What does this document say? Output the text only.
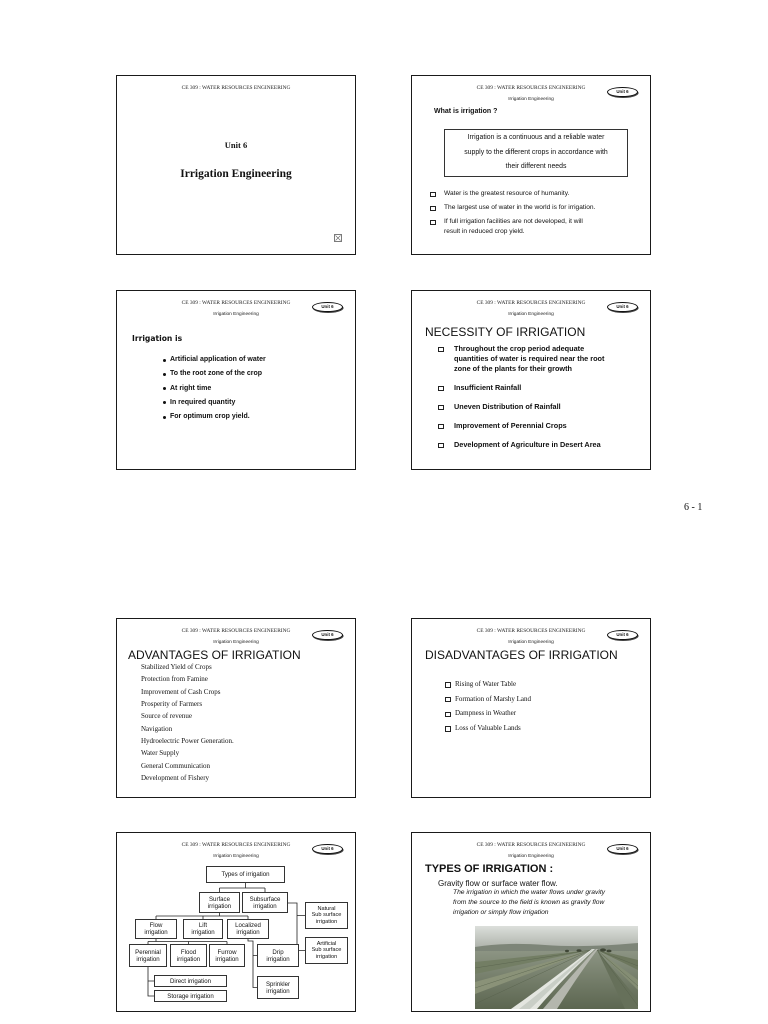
CE 309 : WATER RESOURCES ENGINEERING
Unit 6
Irrigation Engineering
CE 309 : WATER RESOURCES ENGINEERING
Irrigation Engineering
Unit 6
What is irrigation ?
Irrigation is a continuous and a reliable water
supply to the different crops in accordance with
their different needs
Water is the greatest resource of humanity.
The largest use of water in the world is for irrigation.
If full irrigation facilities are not developed, it will
result in reduced crop yield.
CE 309 : WATER RESOURCES ENGINEERING
Irrigation Engineering
Unit 6
Irrigation is
Artificial application of water
To the root zone of the crop
At right time
In required quantity
For optimum crop yield.
CE 309 : WATER RESOURCES ENGINEERING
Irrigation Engineering
Unit 6
NECESSITY OF IRRIGATION
Throughout the crop period adequate
quantities of water is required near the root
zone of the plants for their growth
Insufficient Rainfall
Uneven Distribution of Rainfall
Improvement of Perennial Crops
Development of Agriculture in Desert Area
6 - 1
CE 309 : WATER RESOURCES ENGINEERING
Irrigation Engineering
Unit 6
ADVANTAGES OF IRRIGATION
Stabilized Yield of Crops
Protection from Famine
Improvement of Cash Crops
Prosperity of Farmers
Source of revenue
Navigation
Hydroelectric Power Generation.
Water Supply
General Communication
Development of Fishery
CE 309 : WATER RESOURCES ENGINEERING
Irrigation Engineering
Unit 6
DISADVANTAGES OF IRRIGATION
Rising of Water Table
Formation of Marshy Land
Dampness in Weather
Loss of Valuable Lands
CE 309 : WATER RESOURCES ENGINEERING
Irrigation Engineering
Unit 6
Types of irrigation
Surface
irrigation
Subsurface
irrigation	Natural
Sub surface
irrigation
Flow
irrigation
Lift
irrigation
Localized
irrigation
Artificial
Sub surface
irrigation
Perennial
irrigation
Flood
irrigation
Furrow
irrigation
Drip
irrigation
Direct irrigation
Storage irrigation
Sprinkler
irrigation
CE 309 : WATER RESOURCES ENGINEERING
Irrigation Engineering
Unit 6
TYPES OF IRRIGATION :
Gravity flow or surface water flow.
The irrigation in which the water flows under gravity
from the source to the field is known as gravity flow
irrigation or simply flow irrigation
